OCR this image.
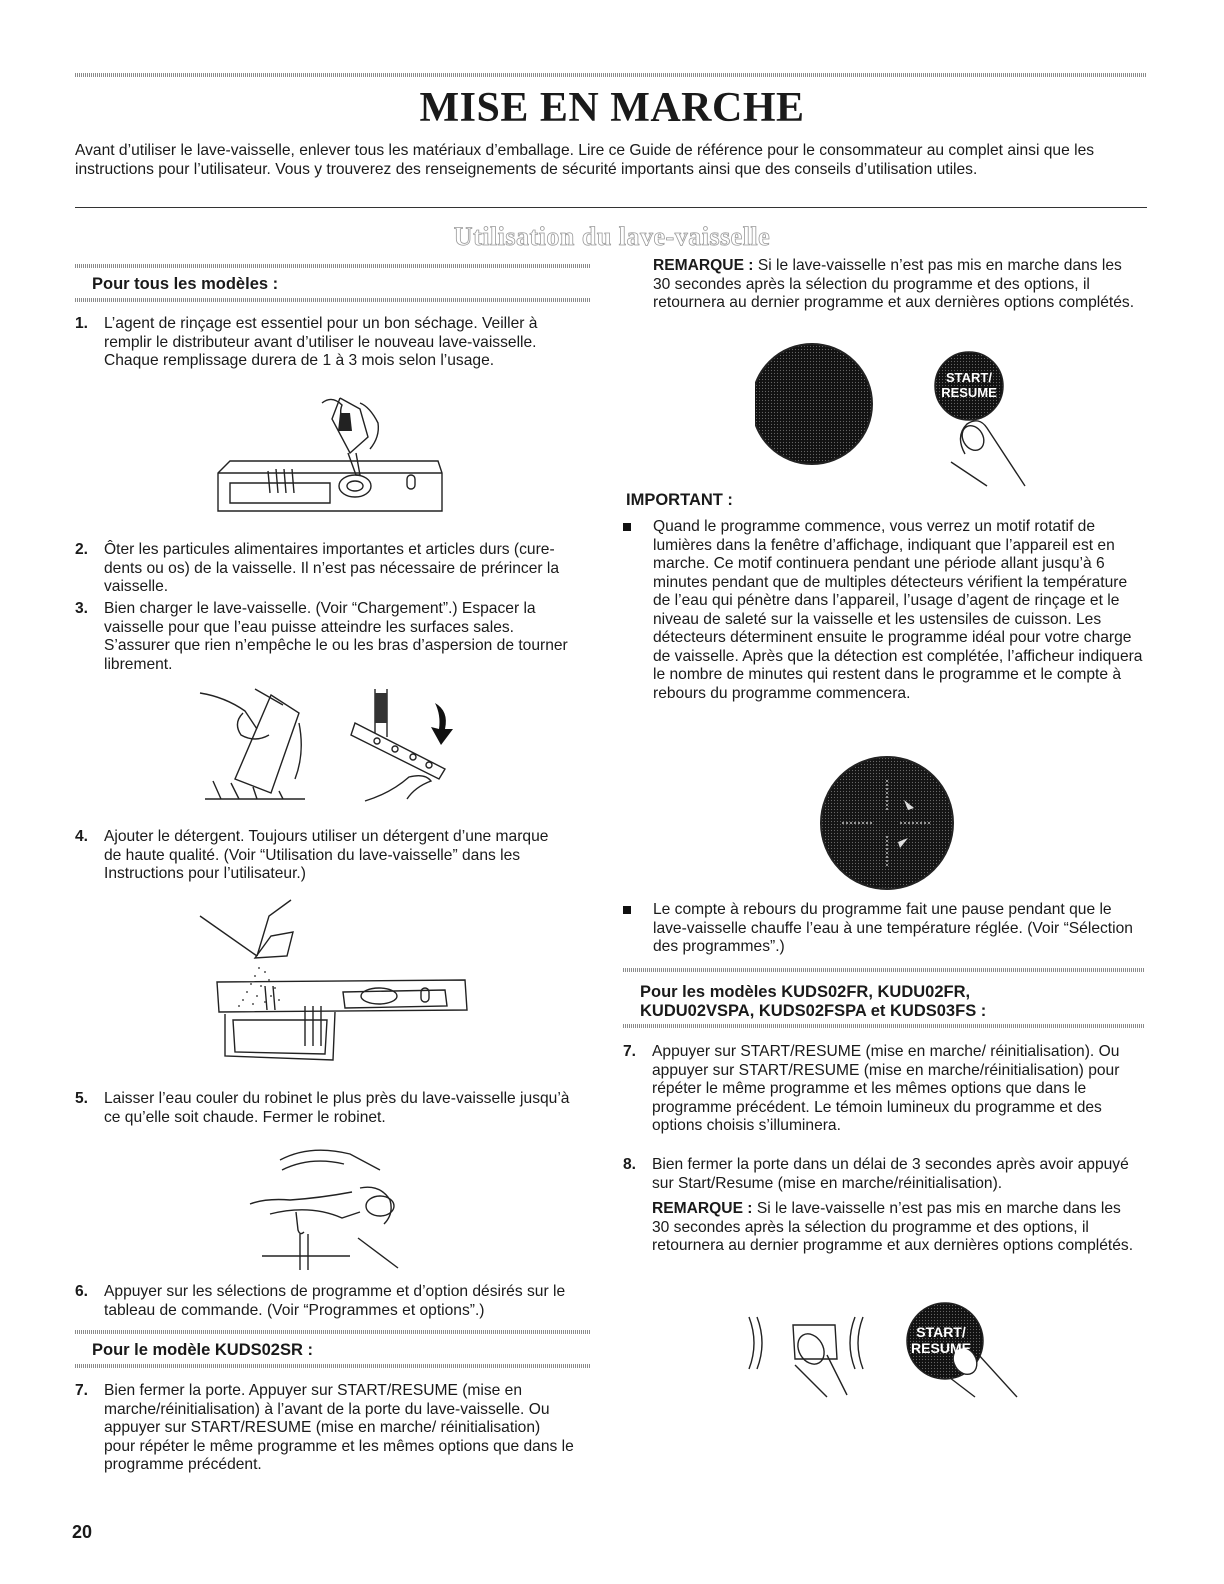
MISE EN MARCHE

Avant d’utiliser le lave-vaisselle, enlever tous les matériaux d’emballage. Lire ce Guide de référence pour le consommateur au complet ainsi que les instructions pour l’utilisateur. Vous y trouverez des renseignements de sécurité importants ainsi que des conseils d’utilisation utiles.

Utilisation du lave-vaisselle
Pour tous les modèles :
1. L’agent de rinçage est essentiel pour un bon séchage. Veiller à remplir le distributeur avant d’utiliser le nouveau lave-vaisselle. Chaque remplissage durera de 1 à 3 mois selon l’usage.
2. Ôter les particules alimentaires importantes et articles durs (cure-dents ou os) de la vaisselle. Il n’est pas nécessaire de prérincer la vaisselle.
3. Bien charger le lave-vaisselle. (Voir “Chargement”.) Espacer la vaisselle pour que l’eau puisse atteindre les surfaces sales. S’assurer que rien n’empêche le ou les bras d’aspersion de tourner librement.
4. Ajouter le détergent. Toujours utiliser un détergent d’une marque de haute qualité. (Voir “Utilisation du lave-vaisselle” dans les Instructions pour l’utilisateur.)
5. Laisser l’eau couler du robinet le plus près du lave-vaisselle jusqu’à ce qu’elle soit chaude. Fermer le robinet.
6. Appuyer sur les sélections de programme et d’option désirés sur le tableau de commande. (Voir “Programmes et options”.)
Pour le modèle KUDS02SR :
7. Bien fermer la porte. Appuyer sur START/RESUME (mise en marche/réinitialisation) à l’avant de la porte du lave-vaisselle. Ou appuyer sur START/RESUME (mise en marche/ réinitialisation) pour répéter le même programme et les mêmes options que dans le programme précédent.

20

REMARQUE : Si le lave-vaisselle n’est pas mis en marche dans les 30 secondes après la sélection du programme et des options, il retournera au dernier programme et aux dernières options complétés.

START/
RESUME
IMPORTANT :
Quand le programme commence, vous verrez un motif rotatif de lumières dans la fenêtre d’affichage, indiquant que l’appareil est en marche. Ce motif continuera pendant une période allant jusqu’à 6 minutes pendant que de multiples détecteurs vérifient la température de l’eau qui pénètre dans l’appareil, l’usage d’agent de rinçage et le niveau de saleté sur la vaisselle et les ustensiles de cuisson. Les détecteurs déterminent ensuite le programme idéal pour votre charge de vaisselle. Après que la détection est complétée, l’afficheur indiquera le nombre de minutes qui restent dans le programme et le compte à rebours du programme commencera.
Le compte à rebours du programme fait une pause pendant que le lave-vaisselle chauffe l’eau à une température réglée. (Voir “Sélection des programmes”.)
Pour les modèles KUDS02FR, KUDU02FR,
KUDU02VSPA, KUDS02FSPA et KUDS03FS :
7. Appuyer sur START/RESUME (mise en marche/ réinitialisation). Ou appuyer sur START/RESUME (mise en marche/réinitialisation) pour répéter le même programme et les mêmes options que dans le programme précédent. Le témoin lumineux du programme et des options choisis s’illuminera.
8. Bien fermer la porte dans un délai de 3 secondes après avoir appuyé sur Start/Resume (mise en marche/réinitialisation).

REMARQUE : Si le lave-vaisselle n’est pas mis en marche dans les 30 secondes après la sélection du programme et des options, il retournera au dernier programme et aux dernières options complétés.

START/
RESUME
